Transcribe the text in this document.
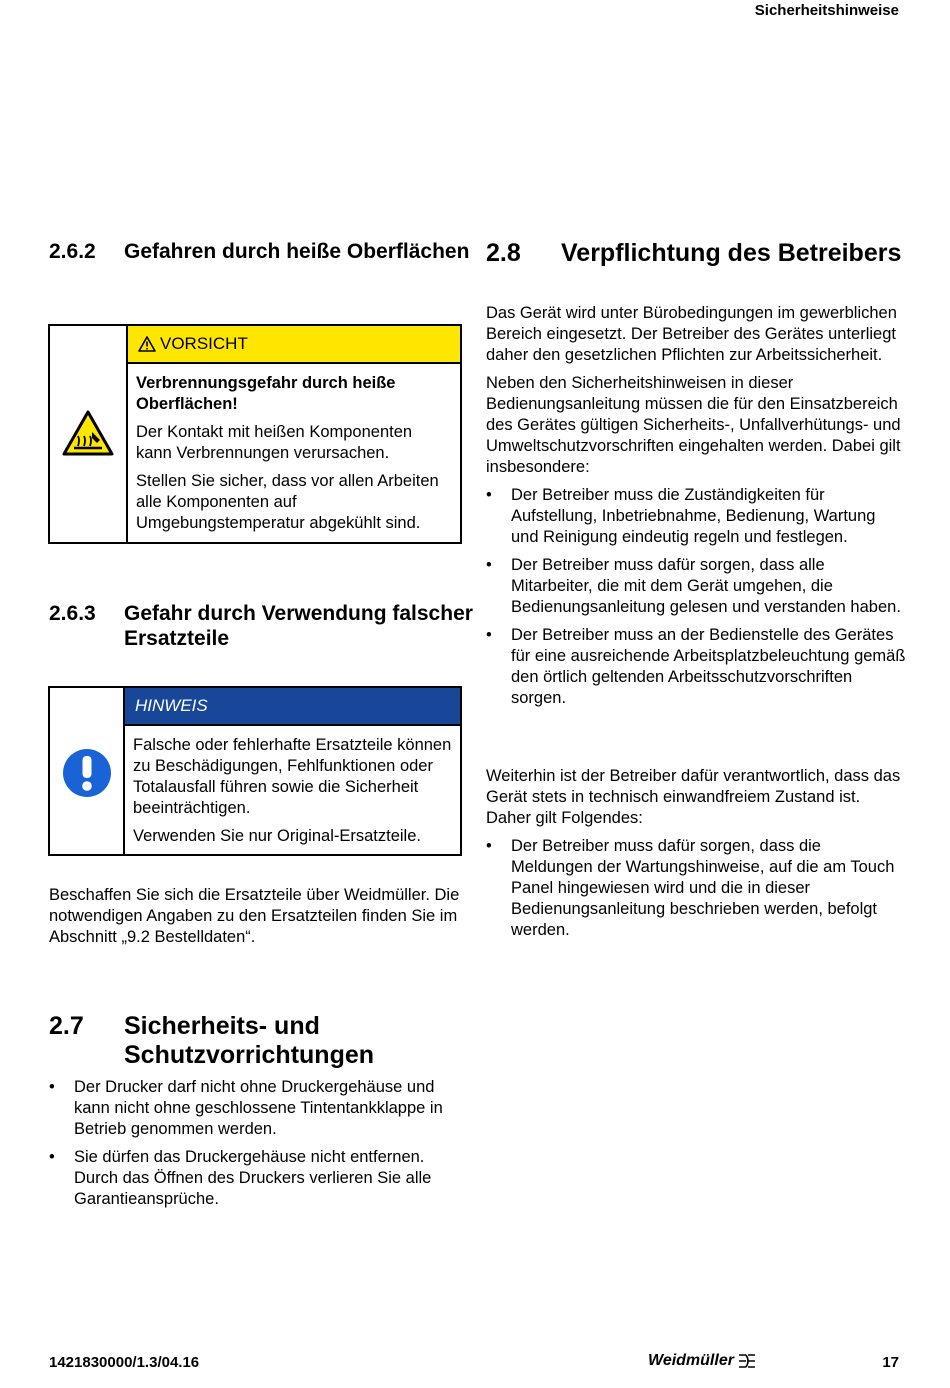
Sicherheitshinweise
2.6.2 Gefahren durch heiße Oberflächen
VORSICHT

Verbrennungsgefahr durch heiße Oberflächen!

Der Kontakt mit heißen Komponenten kann Verbrennungen verursachen.

Stellen Sie sicher, dass vor allen Arbeiten alle Komponenten auf Umgebungstemperatur abgekühlt sind.

2.6.3 Gefahr durch Verwendung falscher Ersatzteile
HINWEIS

Falsche oder fehlerhafte Ersatzteile können zu Beschädigungen, Fehlfunktionen oder Totalausfall führen sowie die Sicherheit beeinträchtigen.

Verwenden Sie nur Original-Ersatzteile.

Beschaffen Sie sich die Ersatzteile über Weidmüller. Die notwendigen Angaben zu den Ersatzteilen finden Sie im Abschnitt „9.2 Bestelldaten“.
2.7 Sicherheits- und Schutzvorrichtungen
• Der Drucker darf nicht ohne Druckergehäuse und kann nicht ohne geschlossene Tintentankklappe in Betrieb genommen werden.
• Sie dürfen das Druckergehäuse nicht entfernen. Durch das Öffnen des Druckers verlieren Sie alle Garantieansprüche.
2.8 Verpflichtung des Betreibers

Das Gerät wird unter Bürobedingungen im gewerblichen Bereich eingesetzt. Der Betreiber des Gerätes unterliegt daher den gesetzlichen Pflichten zur Arbeitssicherheit.

Neben den Sicherheitshinweisen in dieser Bedienungsanleitung müssen die für den Einsatzbereich des Gerätes gültigen Sicherheits-, Unfallverhütungs- und Umweltschutzvorschriften eingehalten werden. Dabei gilt insbesondere:

• Der Betreiber muss die Zuständigkeiten für Aufstellung, Inbetriebnahme, Bedienung, Wartung und Reinigung eindeutig regeln und festlegen.
• Der Betreiber muss dafür sorgen, dass alle Mitarbeiter, die mit dem Gerät umgehen, die Bedienungsanleitung gelesen und verstanden haben.
• Der Betreiber muss an der Bedienstelle des Gerätes für eine ausreichende Arbeitsplatzbeleuchtung gemäß den örtlich geltenden Arbeitsschutzvorschriften sorgen.

Weiterhin ist der Betreiber dafür verantwortlich, dass das Gerät stets in technisch einwandfreiem Zustand ist. Daher gilt Folgendes:

• Der Betreiber muss dafür sorgen, dass die Meldungen der Wartungshinweise, auf die am Touch Panel hingewiesen wird und die in dieser Bedienungsanleitung beschrieben werden, befolgt werden.
1421830000/1.3/04.16	Weidmüller	17
